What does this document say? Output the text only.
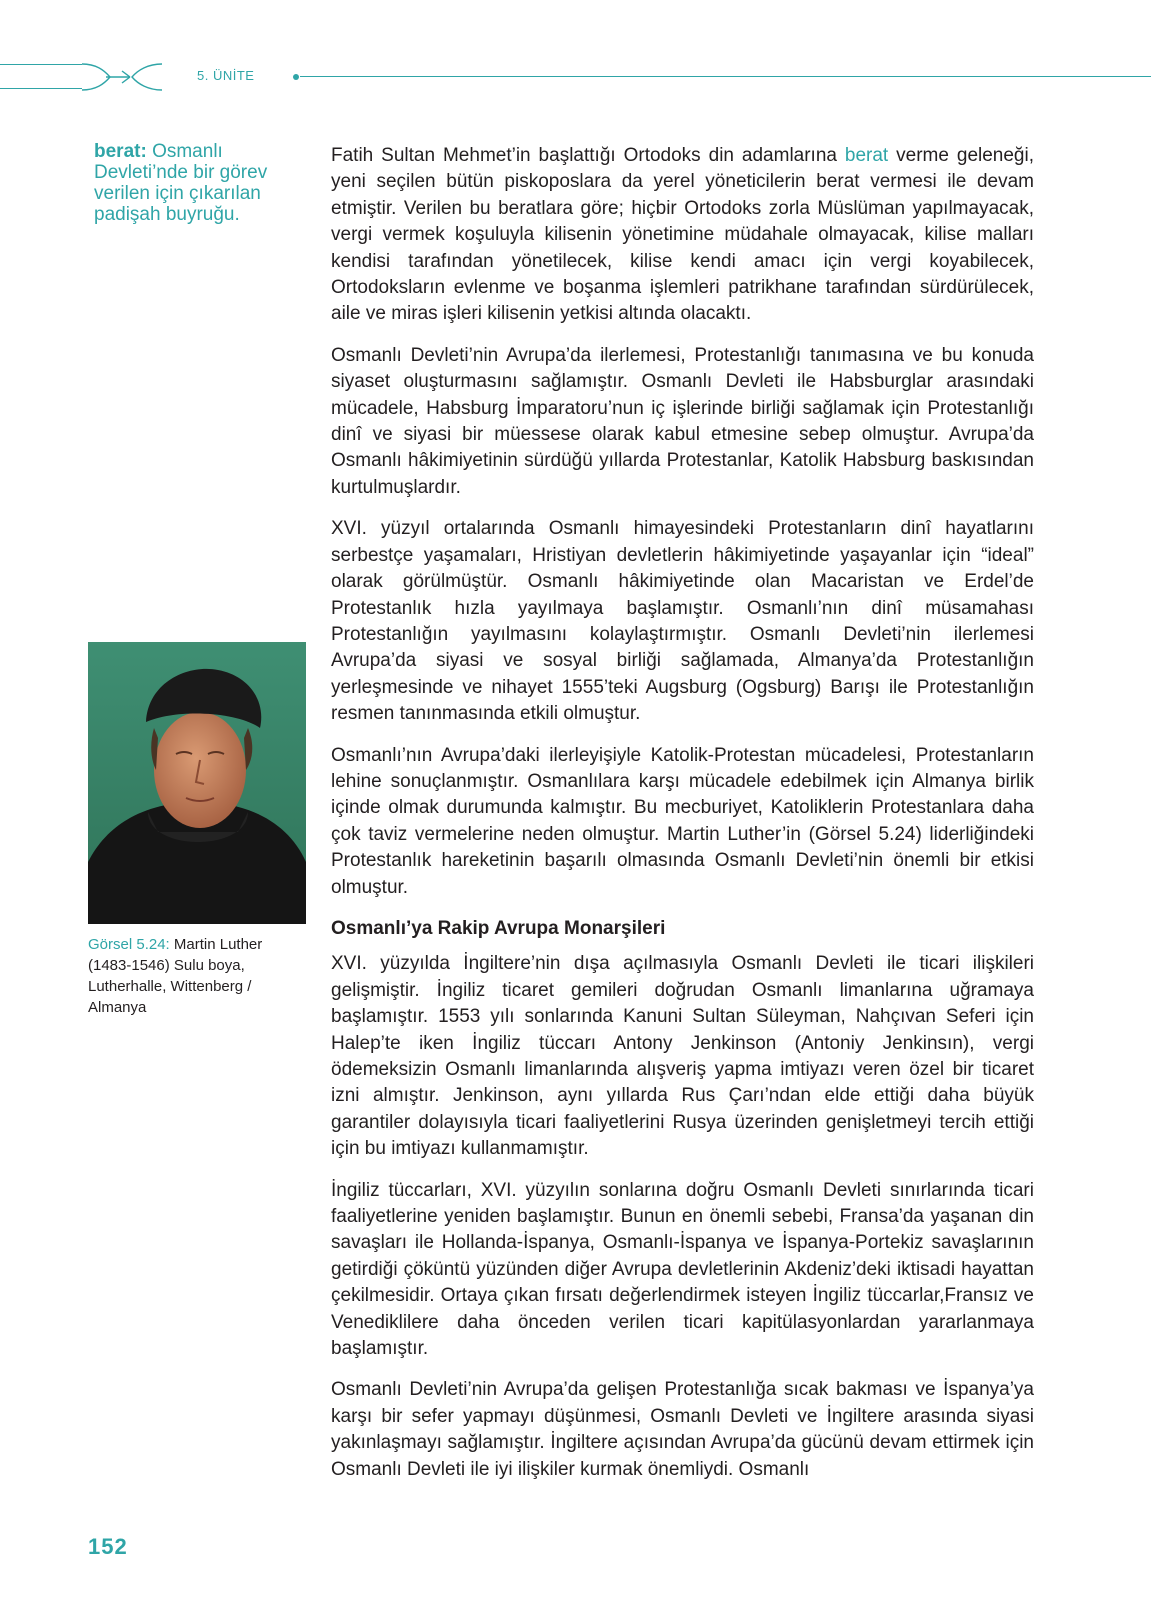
5. ÜNİTE
berat: Osmanlı Devleti’nde bir görev verilen için çıkarılan padişah buyruğu.
Görsel 5.24: Martin Luther (1483-1546) Sulu boya, Lutherhalle, Wittenberg / Almanya

Fatih Sultan Mehmet’in başlattığı Ortodoks din adamlarına berat verme geleneği, yeni seçilen bütün piskoposlara da yerel yöneticilerin berat vermesi ile devam etmiştir. Verilen bu beratlara göre; hiçbir Ortodoks zorla Müslüman yapılmayacak, vergi vermek koşuluyla kilisenin yönetimine müdahale olmayacak, kilise malları kendisi tarafından yönetilecek, kilise kendi amacı için vergi koyabilecek, Ortodoksların evlenme ve boşanma işlemleri patrikhane tarafından sürdürülecek, aile ve miras işleri kilisenin yetkisi altında olacaktı.

Osmanlı Devleti’nin Avrupa’da ilerlemesi, Protestanlığı tanımasına ve bu konuda siyaset oluşturmasını sağlamıştır. Osmanlı Devleti ile Habsburglar arasındaki mücadele, Habsburg İmparatoru’nun iç işlerinde birliği sağlamak için Protestanlığı dinî ve siyasi bir müessese olarak kabul etmesine sebep olmuştur. Avrupa’da Osmanlı hâkimiyetinin sürdüğü yıllarda Protestanlar, Katolik Habsburg baskısından kurtulmuşlardır.

XVI. yüzyıl ortalarında Osmanlı himayesindeki Protestanların dinî hayatlarını serbestçe yaşamaları, Hristiyan devletlerin hâkimiyetinde yaşayanlar için “ideal” olarak görülmüştür. Osmanlı hâkimiyetinde olan Macaristan ve Erdel’de Protestanlık hızla yayılmaya başlamıştır. Osmanlı’nın dinî müsamahası Protestanlığın yayılmasını kolaylaştırmıştır. Osmanlı Devleti’nin ilerlemesi Avrupa’da siyasi ve sosyal birliği sağlamada, Almanya’da Protestanlığın yerleşmesinde ve nihayet 1555’teki Augsburg (Ogsburg) Barışı ile Protestanlığın resmen tanınmasında etkili olmuştur.

Osmanlı’nın Avrupa’daki ilerleyişiyle Katolik-Protestan mücadelesi, Protestanların lehine sonuçlanmıştır. Osmanlılara karşı mücadele edebilmek için Almanya birlik içinde olmak durumunda kalmıştır. Bu mecburiyet, Katoliklerin Protestanlara daha çok taviz vermelerine neden olmuştur. Martin Luther’in (Görsel 5.24) liderliğindeki Protestanlık hareketinin başarılı olmasında Osmanlı Devleti’nin önemli bir etkisi olmuştur.

Osmanlı’ya Rakip Avrupa Monarşileri

XVI. yüzyılda İngiltere’nin dışa açılmasıyla Osmanlı Devleti ile ticari ilişkileri gelişmiştir. İngiliz ticaret gemileri doğrudan Osmanlı limanlarına uğramaya başlamıştır. 1553 yılı sonlarında Kanuni Sultan Süleyman, Nahçıvan Seferi için Halep’te iken İngiliz tüccarı Antony Jenkinson (Antoniy Jenkinsın), vergi ödemeksizin Osmanlı limanlarında alışveriş yapma imtiyazı veren özel bir ticaret izni almıştır. Jenkinson, aynı yıllarda Rus Çarı’ndan elde ettiği daha büyük garantiler dolayısıyla ticari faaliyetlerini Rusya üzerinden genişletmeyi tercih ettiği için bu imtiyazı kullanmamıştır.

İngiliz tüccarları, XVI. yüzyılın sonlarına doğru Osmanlı Devleti sınırlarında ticari faaliyetlerine yeniden başlamıştır. Bunun en önemli sebebi, Fransa’da yaşanan din savaşları ile Hollanda-İspanya, Osmanlı-İspanya ve İspanya-Portekiz savaşlarının getirdiği çöküntü yüzünden diğer Avrupa devletlerinin Akdeniz’deki iktisadi hayattan çekilmesidir. Ortaya çıkan fırsatı değerlendirmek isteyen İngiliz tüccarlar,Fransız ve Venediklilere daha önceden verilen ticari kapitülasyonlardan yararlanmaya başlamıştır.

Osmanlı Devleti’nin Avrupa’da gelişen Protestanlığa sıcak bakması ve İspanya’ya karşı bir sefer yapmayı düşünmesi, Osmanlı Devleti ve İngiltere arasında siyasi yakınlaşmayı sağlamıştır. İngiltere açısından Avrupa’da gücünü devam ettirmek için Osmanlı Devleti ile iyi ilişkiler kurmak önemliydi. Osmanlı

152
